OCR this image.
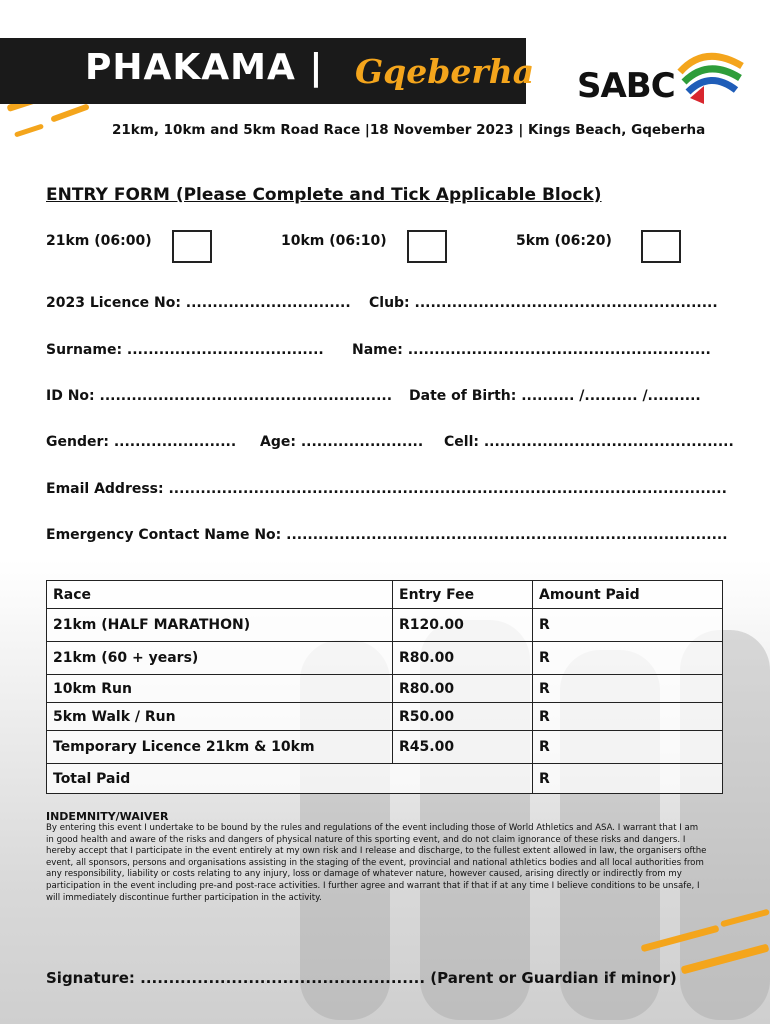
PHAKAMA | Gqeberha
21km, 10km and 5km Road Race |18 November 2023 | Kings Beach, Gqeberha
SABC
ENTRY FORM (Please Complete and Tick Applicable Block)
21km (06:00)	10km (06:10)	5km (06:20)
2023 Licence No: ............................... Club: .........................................................
Surname: ..................................... Name: .........................................................
ID No: ....................................................... Date of Birth: .......... /.......... /..........
Gender: ....................... Age: ....................... Cell: ...............................................
Email Address: .........................................................................................................
Emergency Contact Name No: ...................................................................................
Race	Entry Fee	Amount Paid
21km (HALF MARATHON)	R120.00	R
21km (60 + years)	R80.00	R
10km Run	R80.00	R
5km Walk / Run	R50.00	R
Temporary Licence 21km & 10km	R45.00	R
Total Paid		R
INDEMNITY/WAIVER
By entering this event I undertake to be bound by the rules and regulations of the event including those of World Athletics and ASA. I warrant that I am in good health and aware of the risks and dangers of physical nature of this sporting event, and do not claim ignorance of these risks and dangers. I hereby accept that I participate in the event entirely at my own risk and I release and discharge, to the fullest extent allowed in law, the organisers ofthe event, all sponsors, persons and organisations assisting in the staging of the event, provincial and national athletics bodies and all local authorities from any responsibility, liability or costs relating to any injury, loss or damage of whatever nature, however caused, arising directly or indirectly from my participation in the event including pre-and post-race activities. I further agree and warrant that if that if at any time I believe conditions to be unsafe, I will immediately discontinue further participation in the activity.
Signature: .................................................. (Parent or Guardian if minor)
